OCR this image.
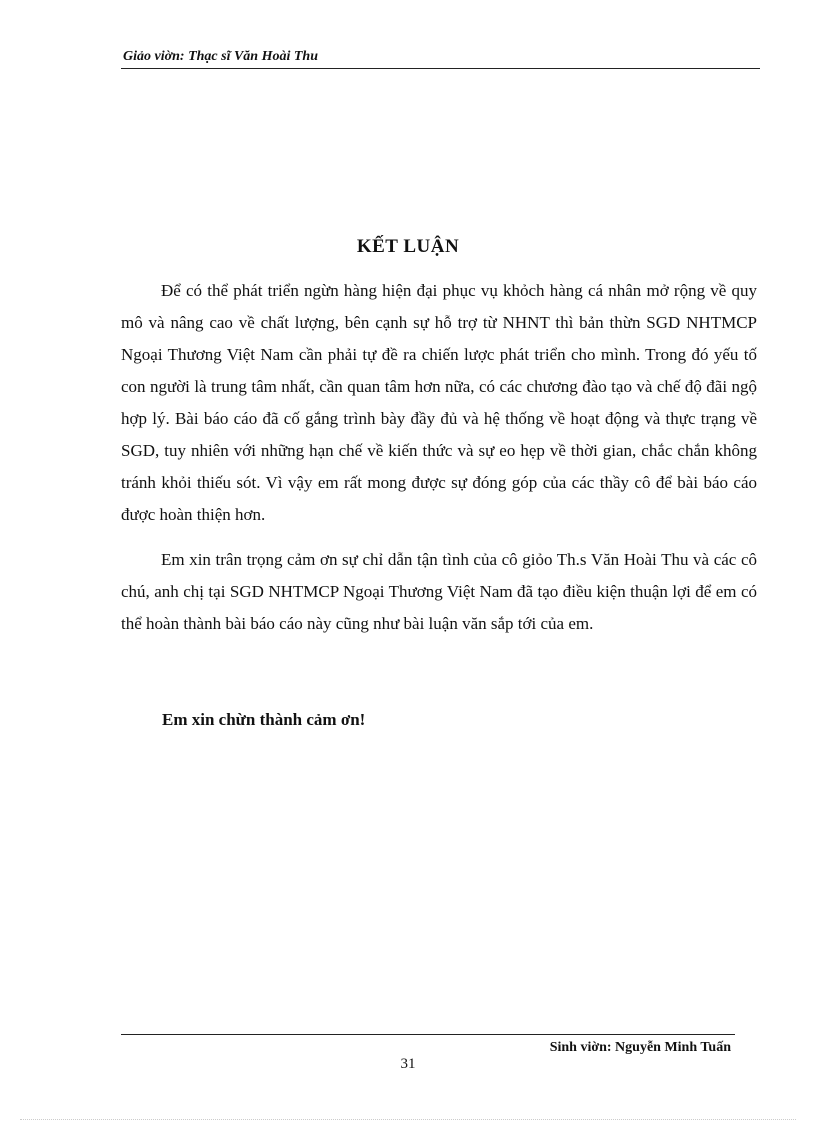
Giảo viờn: Thạc sĩ Văn Hoài Thu
KẾT LUẬN

Để có thể phát triển ngừn hàng hiện đại phục vụ khỏch hàng cá nhân mở rộng về quy mô và nâng cao về chất lượng, bên cạnh sự hỗ trợ từ NHNT thì bản thừn SGD NHTMCP Ngoại Thương Việt Nam cần phải tự đề ra chiến lược phát triển cho mình. Trong đó yếu tố con người là trung tâm nhất, cần quan tâm hơn nữa, có các chương đào tạo và chế độ đãi ngộ hợp lý. Bài báo cáo đã cố gắng trình bày đầy đủ và hệ thống về hoạt động và thực trạng về SGD, tuy nhiên với những hạn chế về kiến thức và sự eo hẹp về thời gian, chắc chắn không tránh khỏi thiếu sót. Vì vậy em rất mong được sự đóng góp của các thầy cô để bài báo cáo được hoàn thiện hơn.

Em xin trân trọng cảm ơn sự chỉ dẫn tận tình của cô giỏo Th.s Văn Hoài Thu và các cô chú, anh chị tại SGD NHTMCP Ngoại Thương Việt Nam đã tạo điều kiện thuận lợi để em có thể hoàn thành bài báo cáo này cũng như bài luận văn sắp tới của em.

Em xin chừn thành cảm ơn!
Sinh viờn: Nguyễn Minh Tuấn
31
